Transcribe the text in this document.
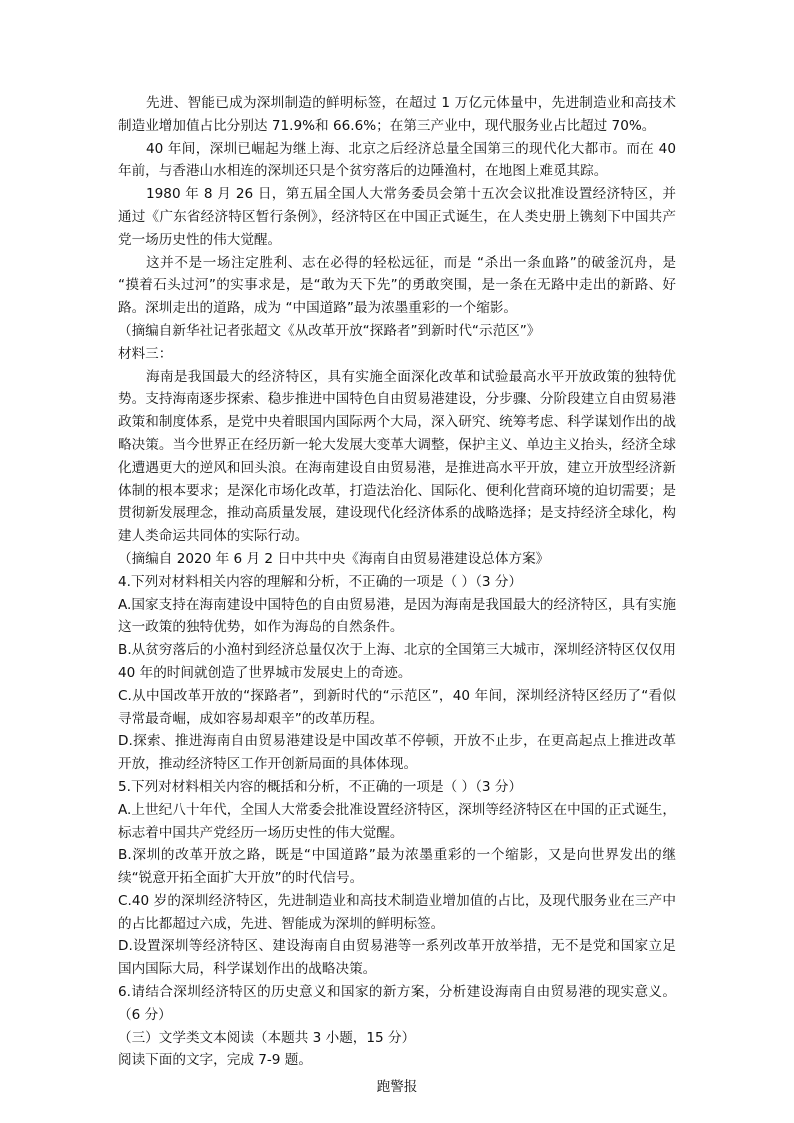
先进、智能已成为深圳制造的鲜明标签，在超过 1 万亿元体量中，先进制造业和高技术制造业增加值占比分别达 71.9%和 66.6%；在第三产业中，现代服务业占比超过 70%。

40 年间，深圳已崛起为继上海、北京之后经济总量全国第三的现代化大都市。而在 40 年前，与香港山水相连的深圳还只是个贫穷落后的边陲渔村，在地图上难觅其踪。

1980 年 8 月 26 日，第五届全国人大常务委员会第十五次会议批准设置经济特区，并通过《广东省经济特区暂行条例》，经济特区在中国正式诞生，在人类史册上镌刻下中国共产党一场历史性的伟大觉醒。

这并不是一场注定胜利、志在必得的轻松远征，而是 “杀出一条血路”的破釜沉舟，是 “摸着石头过河”的实事求是，是“敢为天下先”的勇敢突围，是一条在无路中走出的新路、好路。深圳走出的道路，成为 “中国道路”最为浓墨重彩的一个缩影。

（摘编自新华社记者张超文《从改革开放“探路者”到新时代“示范区”》

材料三：

海南是我国最大的经济特区，具有实施全面深化改革和试验最高水平开放政策的独特优势。支持海南逐步探索、稳步推进中国特色自由贸易港建设，分步骤、分阶段建立自由贸易港政策和制度体系，是党中央着眼国内国际两个大局，深入研究、统筹考虑、科学谋划作出的战略决策。当今世界正在经历新一轮大发展大变革大调整，保护主义、单边主义抬头，经济全球化遭遇更大的逆风和回头浪。在海南建设自由贸易港，是推进高水平开放，建立开放型经济新体制的根本要求；是深化市场化改革，打造法治化、国际化、便利化营商环境的迫切需要；是贯彻新发展理念，推动高质量发展，建设现代化经济体系的战略选择；是支持经济全球化，构建人类命运共同体的实际行动。

（摘编自 2020 年 6 月 2 日中共中央《海南自由贸易港建设总体方案》

4.下列对材料相关内容的理解和分析，不正确的一项是（ ）（3 分）

A.国家支持在海南建设中国特色的自由贸易港，是因为海南是我国最大的经济特区，具有实施这一政策的独特优势，如作为海岛的自然条件。

B.从贫穷落后的小渔村到经济总量仅次于上海、北京的全国第三大城市，深圳经济特区仅仅用 40 年的时间就创造了世界城市发展史上的奇迹。

C.从中国改革开放的“探路者”，到新时代的“示范区”，40 年间，深圳经济特区经历了“看似寻常最奇崛，成如容易却艰辛”的改革历程。

D.探索、推进海南自由贸易港建设是中国改革不停顿，开放不止步，在更高起点上推进改革开放，推动经济特区工作开创新局面的具体体现。

5.下列对材料相关内容的概括和分析，不正确的一项是（ ）（3 分）

A.上世纪八十年代，全国人大常委会批准设置经济特区，深圳等经济特区在中国的正式诞生，标志着中国共产党经历一场历史性的伟大觉醒。

B.深圳的改革开放之路，既是“中国道路”最为浓墨重彩的一个缩影，又是向世界发出的继续“锐意开拓全面扩大开放”的时代信号。

C.40 岁的深圳经济特区，先进制造业和高技术制造业增加值的占比，及现代服务业在三产中的占比都超过六成，先进、智能成为深圳的鲜明标签。

D.设置深圳等经济特区、建设海南自由贸易港等一系列改革开放举措，无不是党和国家立足国内国际大局，科学谋划作出的战略决策。

6.请结合深圳经济特区的历史意义和国家的新方案，分析建设海南自由贸易港的现实意义。（6 分）

（三）文学类文本阅读（本题共 3 小题，15 分）

阅读下面的文字，完成 7-9 题。

跑警报
